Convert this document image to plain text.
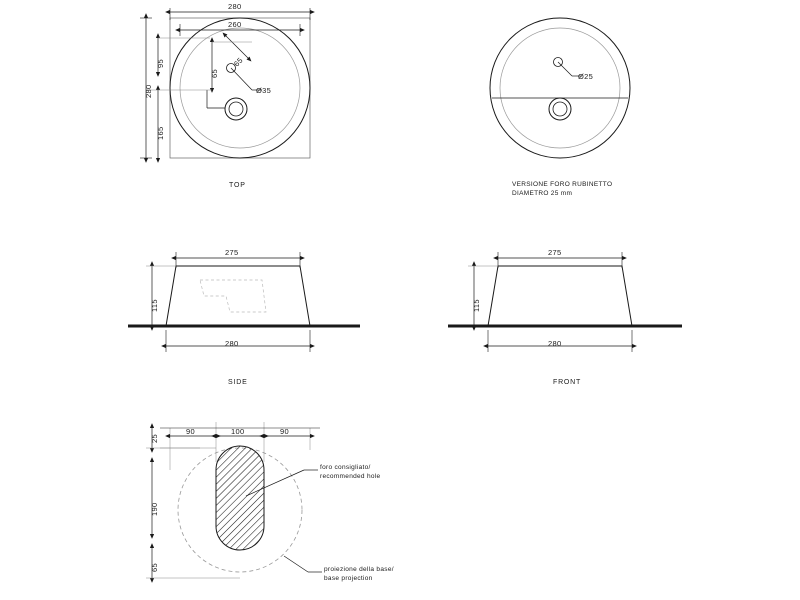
280
260
280
95
165
65
65
Ø35
TOP
Ø25
VERSIONE FORO RUBINETTO
DIAMETRO 25 mm
275
280
115
SIDE
275
280
115
FRONT
25
190
65
90	100	90
foro consigliato/
recommended hole
proiezione della base/
base projection
